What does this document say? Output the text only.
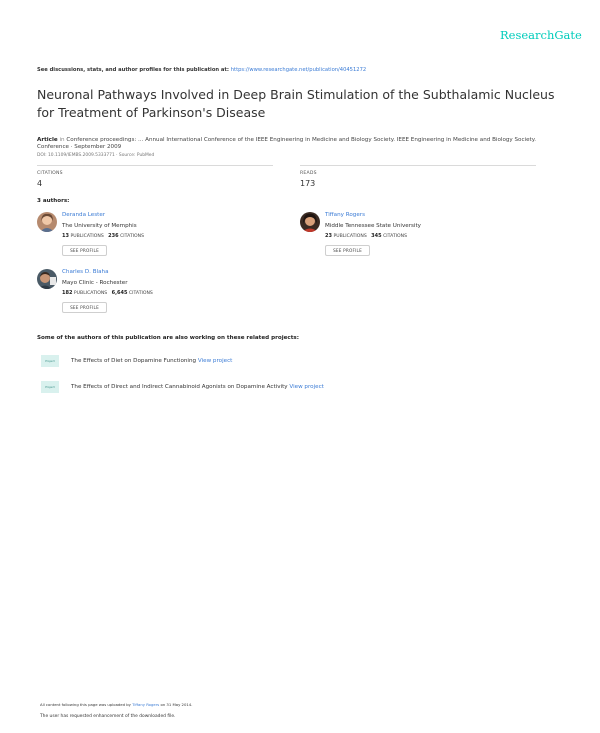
ResearchGate
See discussions, stats, and author profiles for this publication at: https://www.researchgate.net/publication/40451272
Neuronal Pathways Involved in Deep Brain Stimulation of the Subthalamic Nucleus for Treatment of Parkinson's Disease
Article in Conference proceedings: ... Annual International Conference of the IEEE Engineering in Medicine and Biology Society. IEEE Engineering in Medicine and Biology Society. Conference · September 2009
DOI: 10.1109/IEMBS.2009.5333771 · Source: PubMed
CITATIONS
4
READS
173
3 authors:
Deranda Lester
The University of Memphis
13 PUBLICATIONS 236 CITATIONS
SEE PROFILE
Tiffany Rogers
Middle Tennessee State University
23 PUBLICATIONS 345 CITATIONS
SEE PROFILE
Charles D. Blaha
Mayo Clinic - Rochester
182 PUBLICATIONS 6,645 CITATIONS
SEE PROFILE
Some of the authors of this publication are also working on these related projects:
Project	The Effects of Diet on Dopamine Functioning View project
Project	The Effects of Direct and Indirect Cannabinoid Agonists on Dopamine Activity View project
All content following this page was uploaded by Tiffany Rogers on 31 May 2014.
The user has requested enhancement of the downloaded file.
